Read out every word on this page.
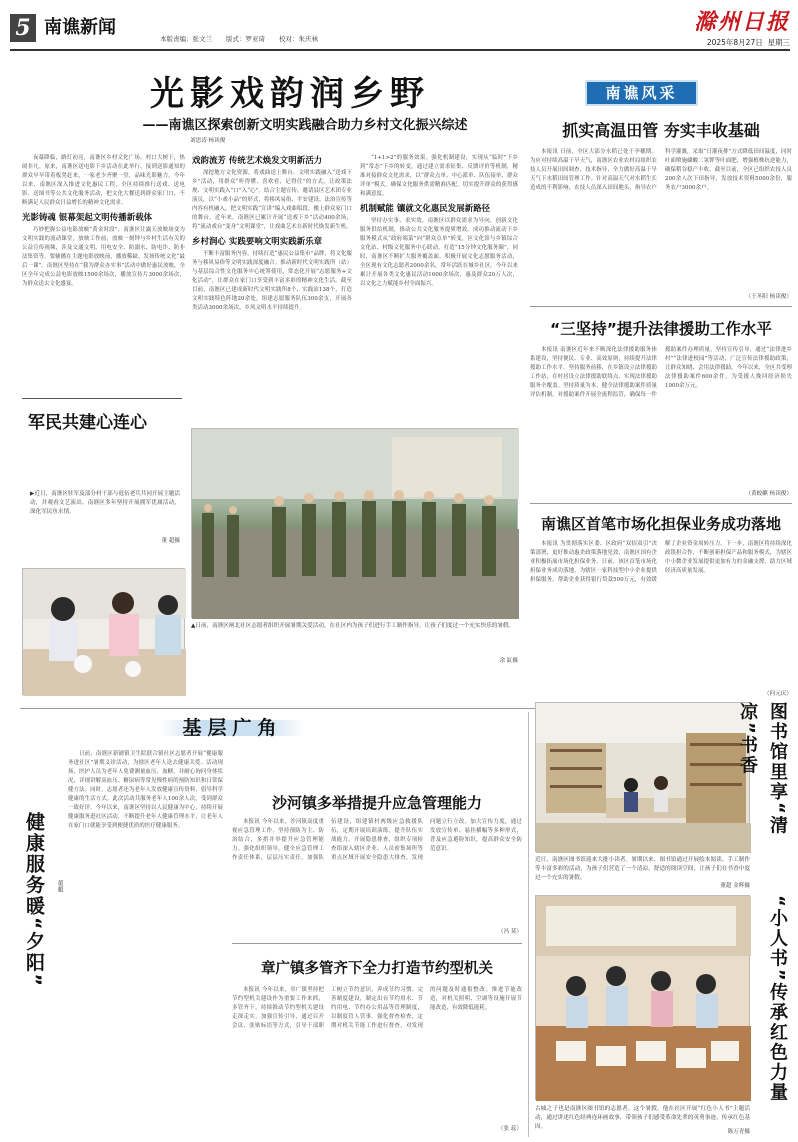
5 南谯新闻
本版责编：张文兰 版式：罗亚琦 校对：朱庆林
滁州日报
2025年8月27日 星期三
光影戏韵润乡野
——南谯区探索创新文明实践融合助力乡村文化振兴综述

夜幕降临，路灯初亮，南谯区乡村文化广场、村口大树下，热闹非凡。原来，南谯区送电影下乡活动在此举行。接到送影通知的群众早早带着板凳赶来，一家老少齐聚一堂，品味光影魅力。今年以来，南谯区深入推进文化惠民工程，全区持续推行送戏、送电影、送图书等公共文化服务活动，把文化大餐送到群众家门口，不断满足人民群众日益增长的精神文化需求。

光影铸魂 银幕架起文明传播新载体

巧妙把握公益电影放映“黄金时段”，南谯区让露天放映场变为文明实践的流动课堂。放映工作前，放映一刻钟与乡村生活有关的公益宣传视频，涉及交通文明、用电安全、防溺水、防电诈、防非法集资等。要辅播在主题电影放映前，播放稀缺、发扬传统文化“最后一课”。南谯区坚持在“我为群众办实事”活动中做好惠民放映，全区全年完成公益电影放映1500余场次，播放宣传片3000余场次，为群众送去文化盛宴。

刘思涛 杨读俊
戏韵流芳 传统艺术焕发文明新活力

深挖地方文化资源，将戏曲送上舞台。文明实践融入“送戏下乡”活动，用群众“听得懂、喜欢看、记得住”的方式，让政策法规、文明实践入“口”入“心”。结合主题宣传，邀请县区艺术团专业演员，以“小戏小品”的形式，将移风易俗、平安建设、法治宣传等内容有机融入，把文明实践“宣讲”编入戏曲唱段，搬上群众家门口的舞台。近年来，南谯区已累计开展“送戏下乡”活动400余场，将“流动戏台”变身“文明课堂”，让戏曲艺术在新时代焕发新生机。

乡村润心 实践要响文明实践新乐章

不断丰富服务内容，持续打造“惠民公益集市”品牌，将文化服务与移风易俗等文明实践深度融合。推动新时代文明实践所（站）与基层综合性文化服务中心统筹使用，常态化开展“志愿服务+文化活动”，让群众在家门口享受到丰富多彩的精神文化生活。截至目前，南谯区已建成新时代文明实践所8个、实践站138个，打造文明实践特色阵地20余处，组建志愿服务队伍300余支，开展各类活动3000余场次，乡风文明水平持续提升。

“1+1>2”的服务效果。强化机制建设，实现从“临时”下乡到“常态”下乡的转变，通过建立需求征集、反馈评价等机制，精准对接群众文化需求，以“群众点单、中心派单、队伍接单、群众评单”模式，确保文化服务供需精准匹配，切实提升群众的获得感和满意度。

机制赋能 镶就文化惠民发展新路径

坚持办实事、求实效，南谯区以群众需求为导向，创新文化服务供给机制，推动公共文化服务提质增效。成功推动流动下乡服务模式从“政府端菜”向“群众点单”转变，区文化馆与乡镇综合文化站、村级文化服务中心联动，打造“15分钟文化服务圈”。同时，南谯区不断扩大服务覆盖面，积极开展文化志愿服务活动，全区现有文化志愿者2000余名，常年活跃在城乡社区。今年以来累计开展各类文化惠民活动1600余场次，惠及群众20万人次，以文化之力赋能乡村全面振兴。

军民共建心连心
▶近日，南谯区驻军及部分村干部与退伍老兵共同开展主题活动，并观看文艺演出。南谯区多年坚持开展拥军优属活动，深化军民鱼水情。
董 超摄
▲日前，南谯区闸北社区志愿者组织开展暑期关爱活动，在社区内为孩子们进行手工制作指导，让孩子们度过一个充实快乐的暑假。
余 缸摄
南谯风采
抓实高温田管 夯实丰收基础

本报讯 日前，全区大部分水稻已处于孕穗期。为应对持续高温干旱天气，南谯区农业农村局组织农技人员开展田间调查、技术指导，全力做好高温干旱天气下水稻田间管理工作。针对高温天气对水稻生长造成的不利影响，农技人员深入田间地头，指导农户科学灌溉，采取“日灌夜排”方式降低田间温度，同时叶面喷施磷酸二氢钾等叶面肥，增强植株抗逆能力，确保稻谷稳产丰收。截至目前，全区已组织农技人员200余人次下田指导，发放技术资料5000余份，服务农户3000余户。

（王冬阳 杨读俊）
“三坚持”提升法律援助工作水平

本报讯 南谯区近年来不断深化法律援助服务体系建设，坚持便民、专业、高效原则，持续提升法律援助工作水平。坚持服务前移，在乡镇设立法律援助工作站，在村居设立法律援助联络点，实现法律援助服务全覆盖。坚持质量为本，健全法律援助案件质量评估机制，对援助案件开展全流程监管，确保每一件援助案件办理质量。坚持宣传引导，通过“法律进乡村”“法律进校园”等活动，广泛宣传法律援助政策，让群众知晓、会用法律援助。今年以来，全区共受理法律援助案件600余件，为受援人挽回经济损失1000余万元。

（黄蛟麒 杨读俊）
南谯区首笔市场化担保业务成功落地

本报讯 为贯彻落实区委、区政府“双招双引”决策部署，更好推动惠企政策落地见效，南谯区国有企业积极拓展市场化担保业务。日前，该区首笔市场化担保业务成功落地，为辖区一家科技型中小企业提供担保服务，帮助企业获得银行贷款500万元，有效缓解了企业资金周转压力。下一步，南谯区将持续深化政银担合作，不断创新担保产品和服务模式，为辖区中小微企业发展提供更加有力的金融支撑，助力区域经济高质量发展。

（何元庆）
基层广角
健康服务暖“夕阳”	董超

日前，南谯区新铺镇卫生院联合镇社区志愿者开展“健康服务进社区”暑期义诊活动，为辖区老年人送去健康关爱。活动现场，医护人员为老年人免费测量血压、血糖，并耐心询问身体状况，详细讲解高血压、糖尿病等常见慢性病的预防知识和日常保健方法。同时，志愿者还为老年人发放健康宣传资料，倡导科学健康的生活方式。此次活动共服务老年人100余人次，受到群众一致好评。今年以来，南谯区坚持以人民健康为中心，持续开展健康服务进社区活动，不断提升老年人健康管理水平，让老年人在家门口就能享受到便捷优质的医疗健康服务。

沙河镇多举措提升应急管理能力

本报讯 今年以来，沙河镇高度重视应急管理工作，坚持预防为主、防治结合，多措并举提升应急管理能力。强化组织领导，健全应急管理工作责任体系，层层压实责任。加强队伍建设，组建镇村两级应急救援队伍，定期开展培训演练，提升队伍实战能力。开展隐患排查，组织专项检查组深入辖区企业、人员密集场所等重点区域开展安全隐患大排查，发现问题立行立改。加大宣传力度，通过发放宣传单、悬挂横幅等多种形式，普及应急避险知识，提高群众安全防范意识。

（冯 莫）
章广镇多管齐下全力打造节约型机关

本报讯 今年以来，章广镇坚持把节约型机关建设作为重要工作来抓，多管齐下，持续推动节约型机关建设走深走实。加强宣传引导，通过召开会议、张贴标语等方式，引导干部职工树立节约意识，养成节约习惯。完善制度建设，制定出台节约用水、节约用电、节约办公用品等管理制度，以制度管人管事。强化督查检查，定期对机关节能工作进行督查，对发现的问题及时通报整改。推进节能改造，对机关照明、空调等设施开展节能改造，有效降低能耗。

（张 蕊）
图书馆里享“清凉”书香
近日，南谯区图书馆迎来大批小读者。暑期以来，图书馆通过开展绘本阅读、手工制作等丰富多彩的活动，为孩子们营造了一个清凉、舒适的阅读空间，让孩子们在书香中度过一个充实的暑假。
董超 金辉摄
“小人书”传承红色力量
古城之子也是南谯区图书馆的志愿者。这个暑假，他在社区开展“红色小人书”主题活动，通过讲述红色经典连环画故事，带领孩子们感受革命先辈的英勇事迹，传承红色基因。
陈万青摄
